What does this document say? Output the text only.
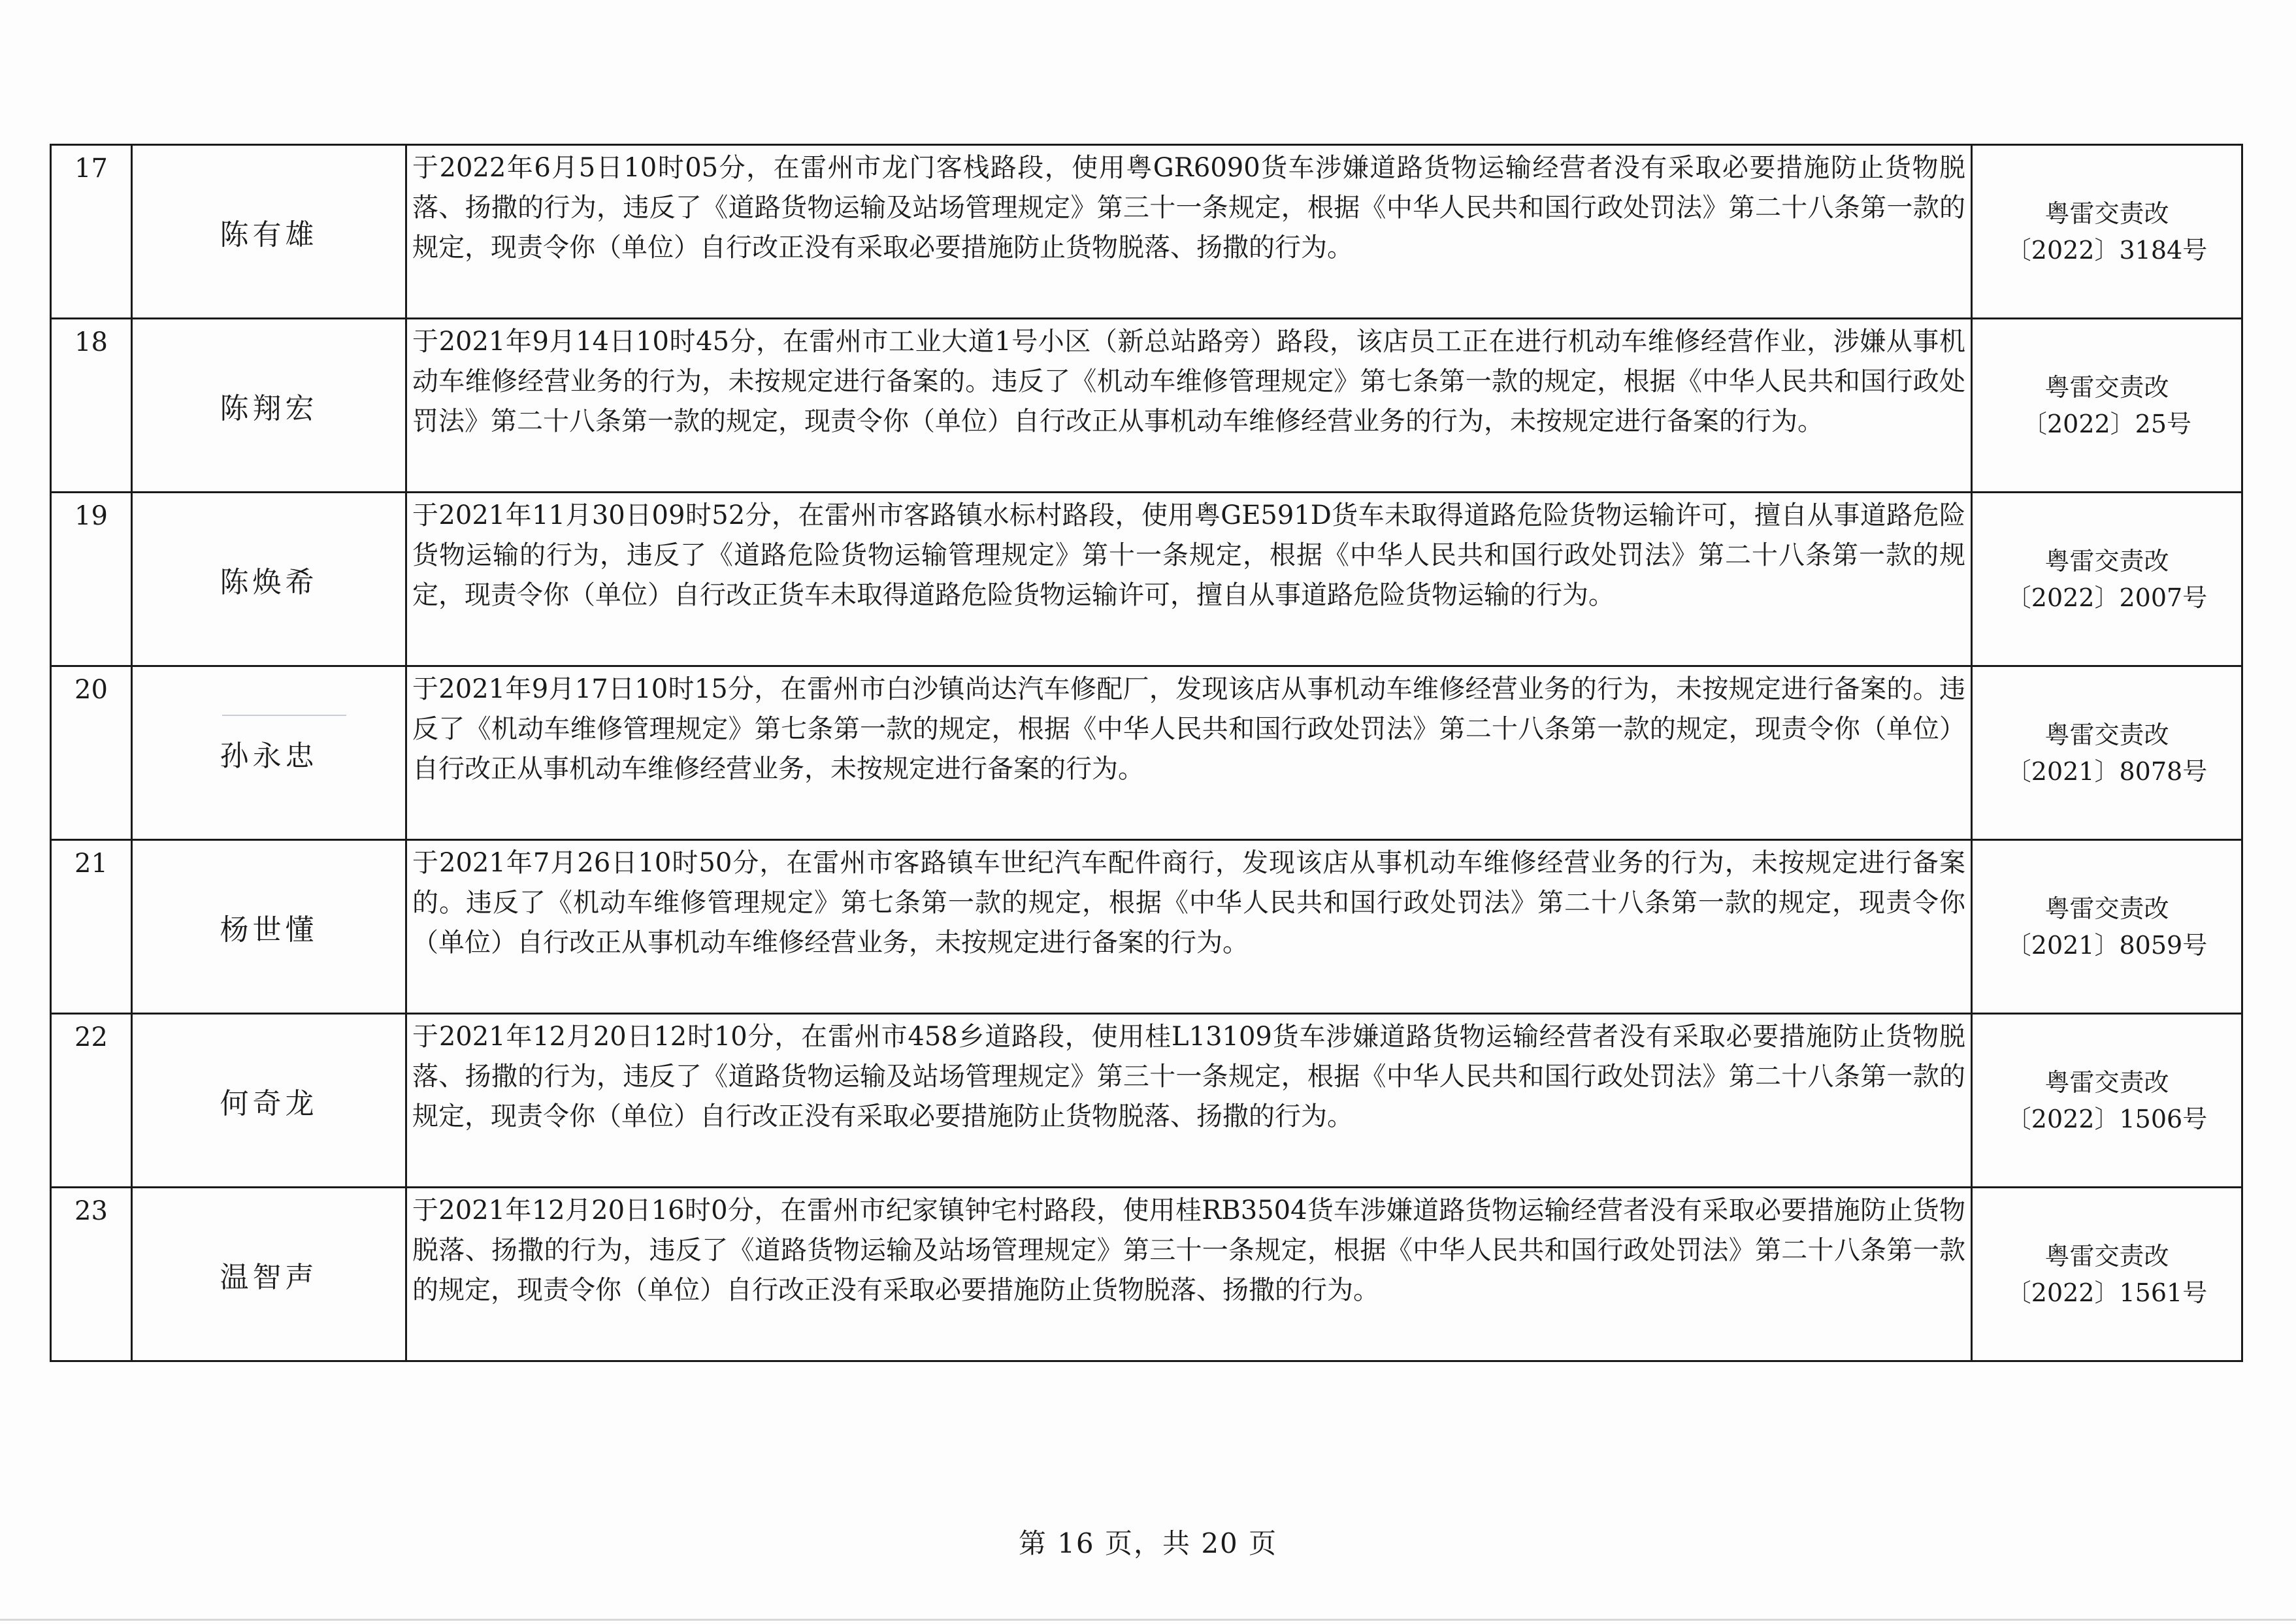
17	陈有雄	于2022年6月5日10时05分，在雷州市龙门客栈路段，使用粤GR6090货车涉嫌道路货物运输经营者没有采取必要措施防止货物脱落、扬撒的行为，违反了《道路货物运输及站场管理规定》第三十一条规定，根据《中华人民共和国行政处罚法》第二十八条第一款的规定，现责令你（单位）自行改正没有采取必要措施防止货物脱落、扬撒的行为。	粤雷交责改
〔2022〕3184号

18	陈翔宏	于2021年9月14日10时45分，在雷州市工业大道1号小区（新总站路旁）路段，该店员工正在进行机动车维修经营作业，涉嫌从事机动车维修经营业务的行为，未按规定进行备案的。违反了《机动车维修管理规定》第七条第一款的规定，根据《中华人民共和国行政处罚法》第二十八条第一款的规定，现责令你（单位）自行改正从事机动车维修经营业务的行为，未按规定进行备案的行为。	粤雷交责改
〔2022〕25号

19	陈焕希	于2021年11月30日09时52分，在雷州市客路镇水标村路段，使用粤GE591D货车未取得道路危险货物运输许可，擅自从事道路危险货物运输的行为，违反了《道路危险货物运输管理规定》第十一条规定，根据《中华人民共和国行政处罚法》第二十八条第一款的规定，现责令你（单位）自行改正货车未取得道路危险货物运输许可，擅自从事道路危险货物运输的行为。	粤雷交责改
〔2022〕2007号

20	孙永忠	于2021年9月17日10时15分，在雷州市白沙镇尚达汽车修配厂，发现该店从事机动车维修经营业务的行为，未按规定进行备案的。违反了《机动车维修管理规定》第七条第一款的规定，根据《中华人民共和国行政处罚法》第二十八条第一款的规定，现责令你（单位）自行改正从事机动车维修经营业务，未按规定进行备案的行为。	粤雷交责改
〔2021〕8078号

21	杨世懂	于2021年7月26日10时50分，在雷州市客路镇车世纪汽车配件商行，发现该店从事机动车维修经营业务的行为，未按规定进行备案的。违反了《机动车维修管理规定》第七条第一款的规定，根据《中华人民共和国行政处罚法》第二十八条第一款的规定，现责令你（单位）自行改正从事机动车维修经营业务，未按规定进行备案的行为。	粤雷交责改
〔2021〕8059号

22	何奇龙	于2021年12月20日12时10分，在雷州市458乡道路段，使用桂L13109货车涉嫌道路货物运输经营者没有采取必要措施防止货物脱落、扬撒的行为，违反了《道路货物运输及站场管理规定》第三十一条规定，根据《中华人民共和国行政处罚法》第二十八条第一款的规定，现责令你（单位）自行改正没有采取必要措施防止货物脱落、扬撒的行为。	粤雷交责改
〔2022〕1506号

23	温智声	于2021年12月20日16时0分，在雷州市纪家镇钟宅村路段，使用桂RB3504货车涉嫌道路货物运输经营者没有采取必要措施防止货物脱落、扬撒的行为，违反了《道路货物运输及站场管理规定》第三十一条规定，根据《中华人民共和国行政处罚法》第二十八条第一款的规定，现责令你（单位）自行改正没有采取必要措施防止货物脱落、扬撒的行为。	粤雷交责改
〔2022〕1561号
第 16 页，共 20 页
